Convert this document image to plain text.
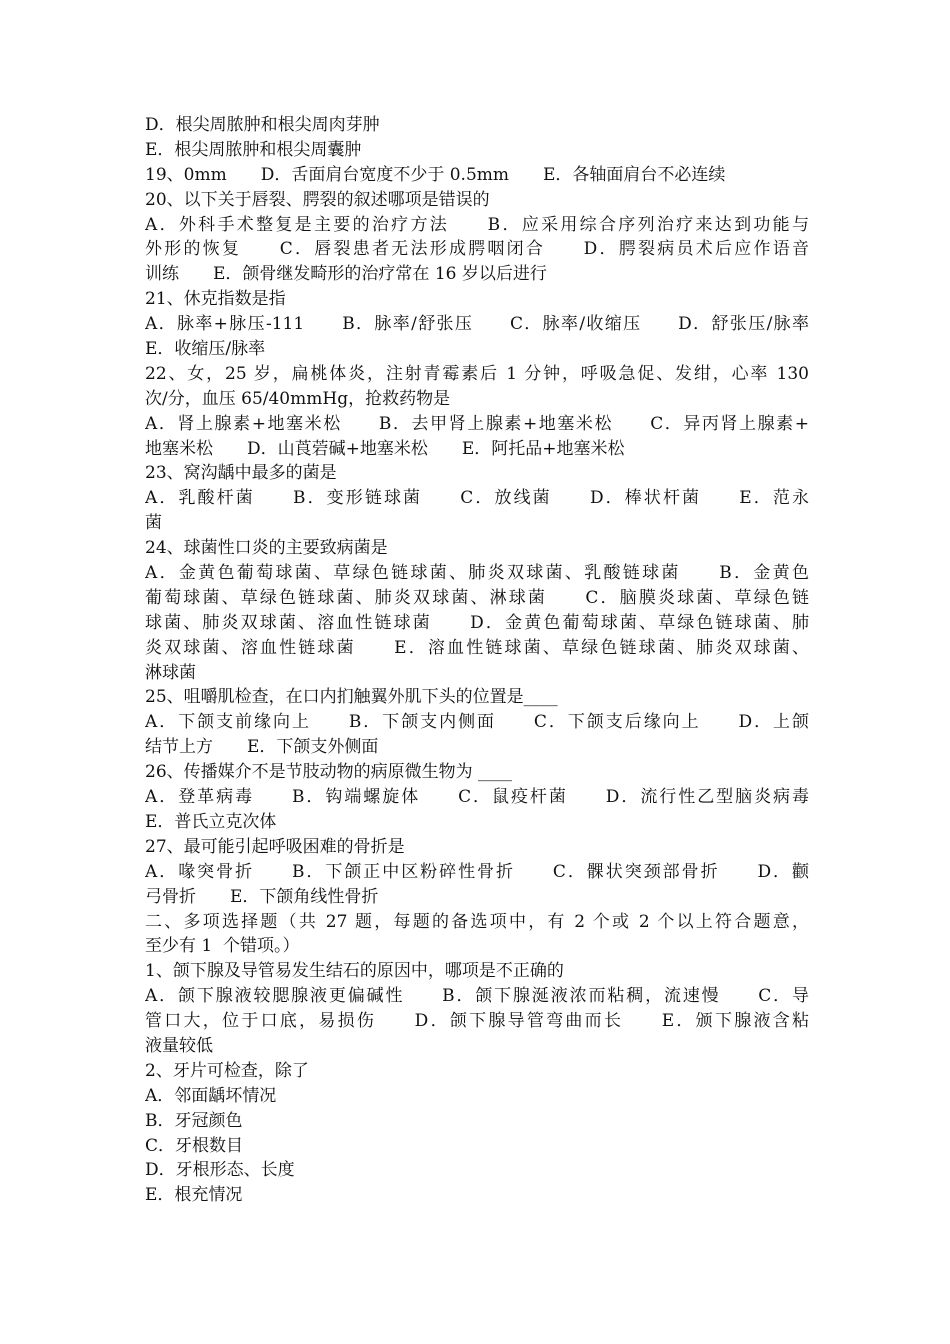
D．根尖周脓肿和根尖周肉芽肿
E．根尖周脓肿和根尖周囊肿
19、0mm　　D．舌面肩台宽度不少于 0.5mm　　E．各轴面肩台不必连续
20、以下关于唇裂、腭裂的叙述哪项是错误的
A．外科手术整复是主要的治疗方法　　B．应采用综合序列治疗来达到功能与
外形的恢复　　C．唇裂患者无法形成腭咽闭合　　D．腭裂病员术后应作语音
训练　　E．颌骨继发畸形的治疗常在 16 岁以后进行
21、休克指数是指
A．脉率+脉压-111　　B．脉率/舒张压　　C．脉率/收缩压　　D．舒张压/脉率
E．收缩压/脉率
22、女，25 岁，扁桃体炎，注射青霉素后 1 分钟，呼吸急促、发绀，心率 130
次/分，血压 65/40mmHg，抢救药物是
A．肾上腺素+地塞米松　　B．去甲肾上腺素+地塞米松　　C．异丙肾上腺素+
地塞米松　　D．山莨菪碱+地塞米松　　E．阿托品+地塞米松
23、窝沟龋中最多的菌是
A．乳酸杆菌　　B．变形链球菌　　C．放线菌　　D．棒状杆菌　　E．范永
菌
24、球菌性口炎的主要致病菌是
A．金黄色葡萄球菌、草绿色链球菌、肺炎双球菌、乳酸链球菌　　B．金黄色
葡萄球菌、草绿色链球菌、肺炎双球菌、淋球菌　　C．脑膜炎球菌、草绿色链
球菌、肺炎双球菌、溶血性链球菌　　D．金黄色葡萄球菌、草绿色链球菌、肺
炎双球菌、溶血性链球菌　　E．溶血性链球菌、草绿色链球菌、肺炎双球菌、
淋球菌
25、咀嚼肌检查，在口内扪触翼外肌下头的位置是____
A．下颌支前缘向上　　B．下颌支内侧面　　C．下颌支后缘向上　　D．上颌
结节上方　　E．下颌支外侧面
26、传播媒介不是节肢动物的病原微生物为 ____
A．登革病毒　　B．钩端螺旋体　　C．鼠疫杆菌　　D．流行性乙型脑炎病毒
E．普氏立克次体
27、最可能引起呼吸困难的骨折是
A．喙突骨折　　B．下颌正中区粉碎性骨折　　C．髁状突颈部骨折　　D．颧
弓骨折　　E．下颌角线性骨折
二、多项选择题（共 27 题，每题的备选项中，有 2 个或 2 个以上符合题意，
至少有 1  个错项。）
1、颌下腺及导管易发生结石的原因中，哪项是不正确的
A．颌下腺液较腮腺液更偏碱性　　B．颌下腺涎液浓而粘稠，流速慢　　C．导
管口大，位于口底，易损伤　　D．颌下腺导管弯曲而长　　E．颁下腺液含粘
液量较低
2、牙片可检查，除了
A．邻面龋坏情况
B．牙冠颜色
C．牙根数目
D．牙根形态、长度
E．根充情况
